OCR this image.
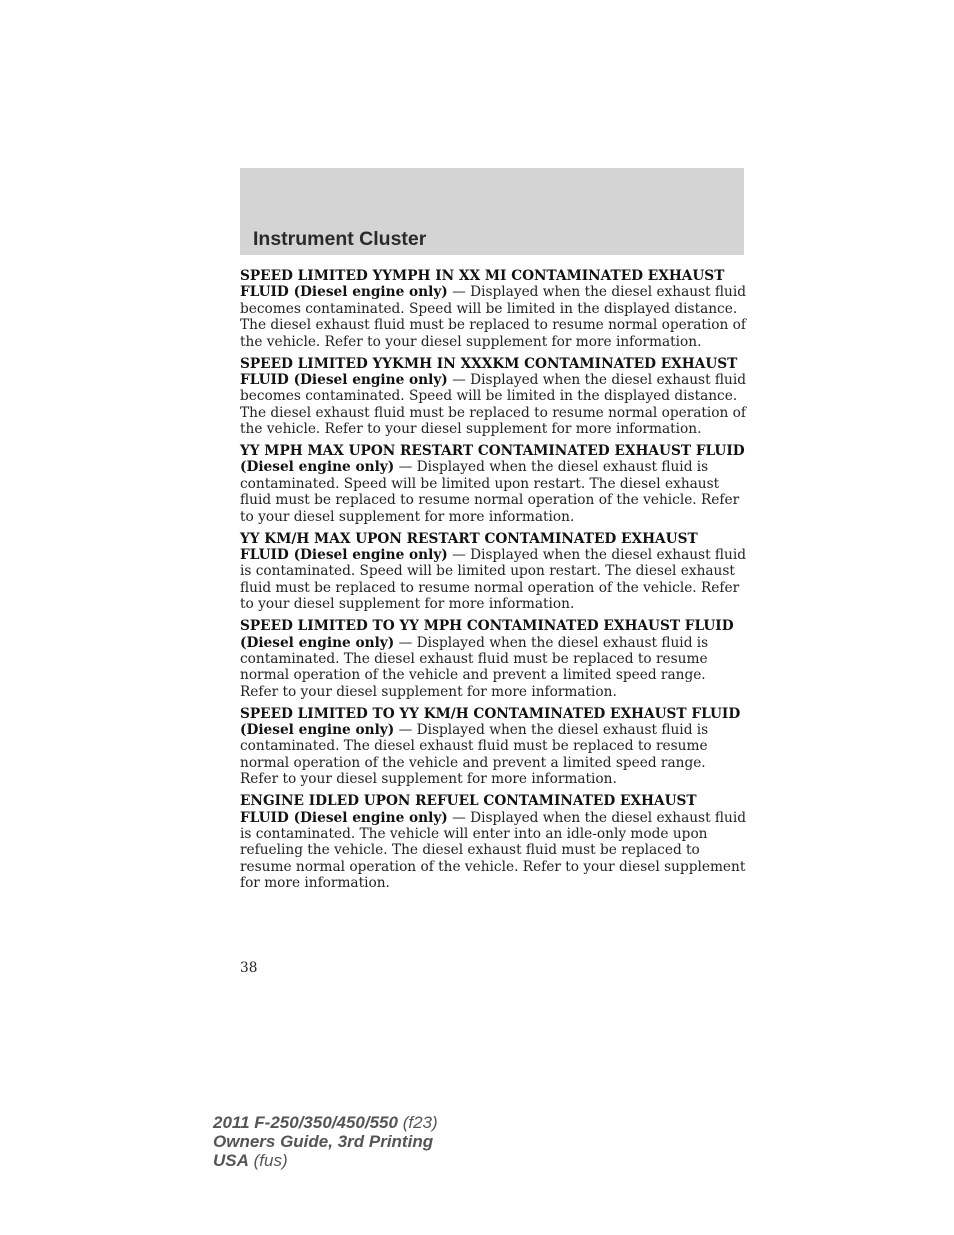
Instrument Cluster

SPEED LIMITED YYMPH IN XX MI CONTAMINATED EXHAUST FLUID (Diesel engine only) — Displayed when the diesel exhaust fluid becomes contaminated. Speed will be limited in the displayed distance. The diesel exhaust fluid must be replaced to resume normal operation of the vehicle. Refer to your diesel supplement for more information.

SPEED LIMITED YYKMH IN XXXKM CONTAMINATED EXHAUST FLUID (Diesel engine only) — Displayed when the diesel exhaust fluid becomes contaminated. Speed will be limited in the displayed distance. The diesel exhaust fluid must be replaced to resume normal operation of the vehicle. Refer to your diesel supplement for more information.

YY MPH MAX UPON RESTART CONTAMINATED EXHAUST FLUID (Diesel engine only) — Displayed when the diesel exhaust fluid is contaminated. Speed will be limited upon restart. The diesel exhaust fluid must be replaced to resume normal operation of the vehicle. Refer to your diesel supplement for more information.

YY KM/H MAX UPON RESTART CONTAMINATED EXHAUST FLUID (Diesel engine only) — Displayed when the diesel exhaust fluid is contaminated. Speed will be limited upon restart. The diesel exhaust fluid must be replaced to resume normal operation of the vehicle. Refer to your diesel supplement for more information.

SPEED LIMITED TO YY MPH CONTAMINATED EXHAUST FLUID (Diesel engine only) — Displayed when the diesel exhaust fluid is contaminated. The diesel exhaust fluid must be replaced to resume normal operation of the vehicle and prevent a limited speed range. Refer to your diesel supplement for more information.

SPEED LIMITED TO YY KM/H CONTAMINATED EXHAUST FLUID (Diesel engine only) — Displayed when the diesel exhaust fluid is contaminated. The diesel exhaust fluid must be replaced to resume normal operation of the vehicle and prevent a limited speed range. Refer to your diesel supplement for more information.

ENGINE IDLED UPON REFUEL CONTAMINATED EXHAUST FLUID (Diesel engine only) — Displayed when the diesel exhaust fluid is contaminated. The vehicle will enter into an idle-only mode upon refueling the vehicle. The diesel exhaust fluid must be replaced to resume normal operation of the vehicle. Refer to your diesel supplement for more information.

38
2011 F-250/350/450/550 (f23)
Owners Guide, 3rd Printing
USA (fus)
